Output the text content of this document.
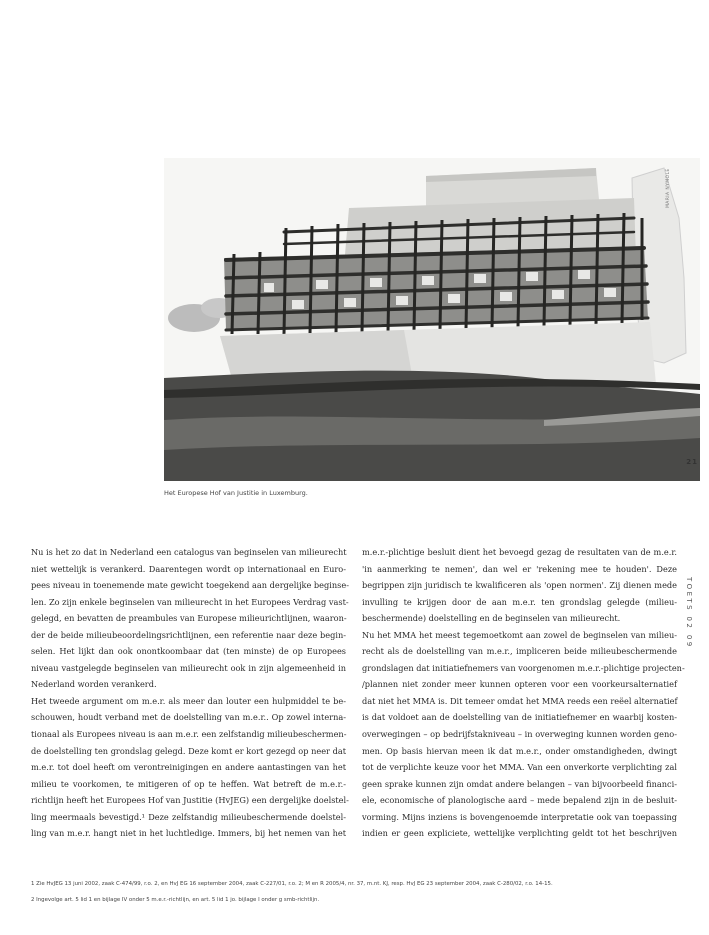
MARIA NYMOLE
21
Het Europese Hof van Justitie in Luxemburg.
TOETS 02 09
Nu is het zo dat in Nederland een catalogus van beginselen van milieurecht
niet wettelijk is verankerd. Daarentegen wordt op internationaal en Euro-
pees niveau in toenemende mate gewicht toegekend aan dergelijke beginse-
len. Zo zijn enkele beginselen van milieurecht in het Europees Verdrag vast-
gelegd, en bevatten de preambules van Europese milieurichtlijnen, waaron-
der de beide milieubeoordelingsrichtlijnen, een referentie naar deze begin-
selen. Het lijkt dan ook onontkoombaar dat (ten minste) de op Europees
niveau vastgelegde beginselen van milieurecht ook in zijn algemeenheid in
Nederland worden verankerd.
Het tweede argument om m.e.r. als meer dan louter een hulpmiddel te be-
schouwen, houdt verband met de doelstelling van m.e.r.. Op zowel interna-
tionaal als Europees niveau is aan m.e.r. een zelfstandig milieubeschermen-
de doelstelling ten grondslag gelegd. Deze komt er kort gezegd op neer dat
m.e.r. tot doel heeft om verontreinigingen en andere aantastingen van het
milieu te voorkomen, te mitigeren of op te heffen. Wat betreft de m.e.r.-
richtlijn heeft het Europees Hof van Justitie (HvJEG) een dergelijke doelstel-
ling meermaals bevestigd.¹ Deze zelfstandig milieubeschermende doelstel-
ling van m.e.r. hangt niet in het luchtledige. Immers, bij het nemen van het
m.e.r.-plichtige besluit dient het bevoegd gezag de resultaten van de m.e.r.
'in aanmerking te nemen', dan wel er 'rekening mee te houden'. Deze
begrippen zijn juridisch te kwalificeren als 'open normen'. Zij dienen mede
invulling te krijgen door de aan m.e.r. ten grondslag gelegde (milieu-
beschermende) doelstelling en de beginselen van milieurecht.
Nu het MMA het meest tegemoetkomt aan zowel de beginselen van milieu-
recht als de doelstelling van m.e.r., impliceren beide milieubeschermende
grondslagen dat initiatiefnemers van voorgenomen m.e.r.-plichtige projecten-
/plannen niet zonder meer kunnen opteren voor een voorkeursalternatief
dat niet het MMA is. Dit temeer omdat het MMA reeds een reëel alternatief
is dat voldoet aan de doelstelling van de initiatiefnemer en waarbij kosten-
overwegingen – op bedrijfstakniveau – in overweging kunnen worden geno-
men. Op basis hiervan meen ik dat m.e.r., onder omstandigheden, dwingt
tot de verplichte keuze voor het MMA. Van een onverkorte verplichting zal
geen sprake kunnen zijn omdat andere belangen – van bijvoorbeeld financi-
ele, economische of planologische aard – mede bepalend zijn in de besluit-
vorming. Mijns inziens is bovengenoemde interpretatie ook van toepassing
indien er geen expliciete, wettelijke verplichting geldt tot het beschrijven
1 Zie HvJEG 13 juni 2002, zaak C-474/99, r.o. 2, en HvJ EG 16 september 2004, zaak C-227/01, r.o. 2; M en R 2005/4, nr. 37, m.nt. KJ, resp. HvJ EG 23 september 2004, zaak C-280/02, r.o. 14-15.
2 Ingevolge art. 5 lid 1 en bijlage IV onder 5 m.e.r.-richtlijn, en art. 5 lid 1 jo. bijlage I onder g smb-richtlijn.
